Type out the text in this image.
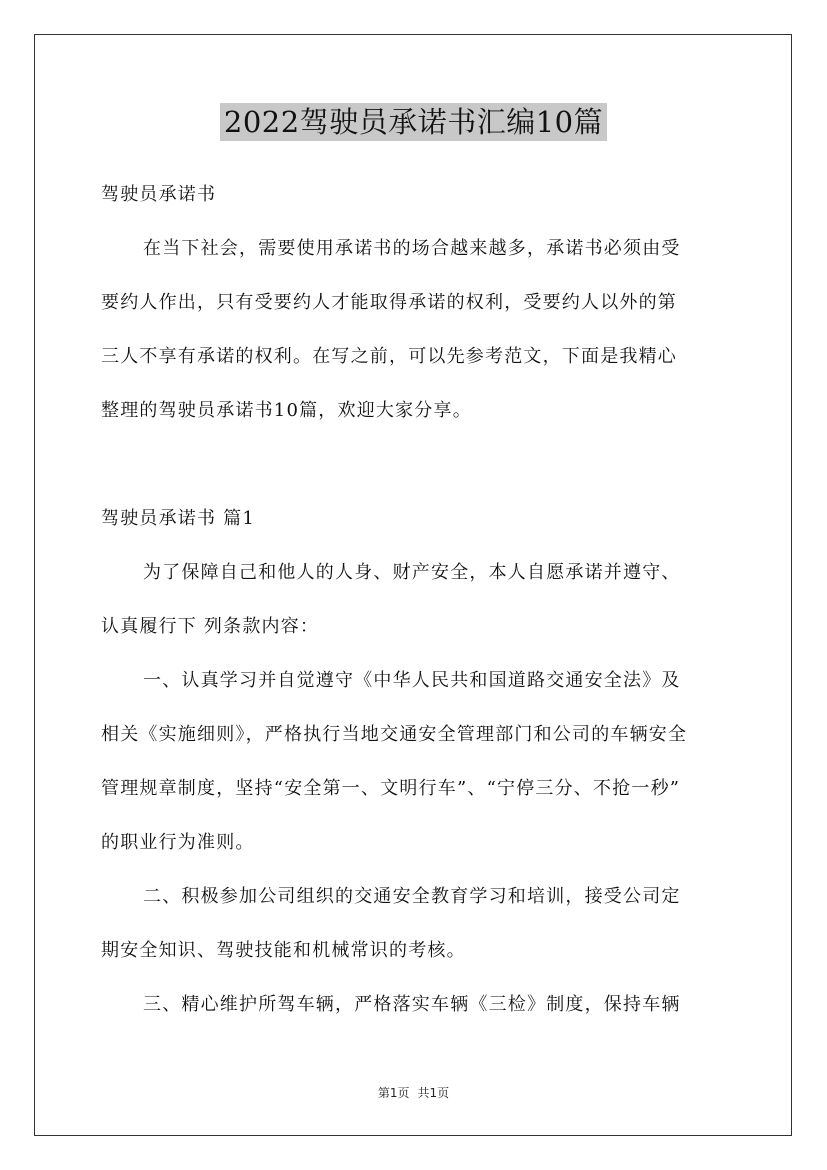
2022驾驶员承诺书汇编10篇
驾驶员承诺书
在当下社会，需要使用承诺书的场合越来越多，承诺书必须由受
要约人作出，只有受要约人才能取得承诺的权利，受要约人以外的第
三人不享有承诺的权利。在写之前，可以先参考范文，下面是我精心
整理的驾驶员承诺书10篇，欢迎大家分享。
驾驶员承诺书 篇1
为了保障自己和他人的人身、财产安全，本人自愿承诺并遵守、
认真履行下 列条款内容：
一、认真学习并自觉遵守《中华人民共和国道路交通安全法》及
相关《实施细则》，严格执行当地交通安全管理部门和公司的车辆安全
管理规章制度，坚持“安全第一、文明行车”、“宁停三分、不抢一秒”
的职业行为准则。
二、积极参加公司组织的交通安全教育学习和培训，接受公司定
期安全知识、驾驶技能和机械常识的考核。
三、精心维护所驾车辆，严格落实车辆《三检》制度，保持车辆
第1页 共1页
